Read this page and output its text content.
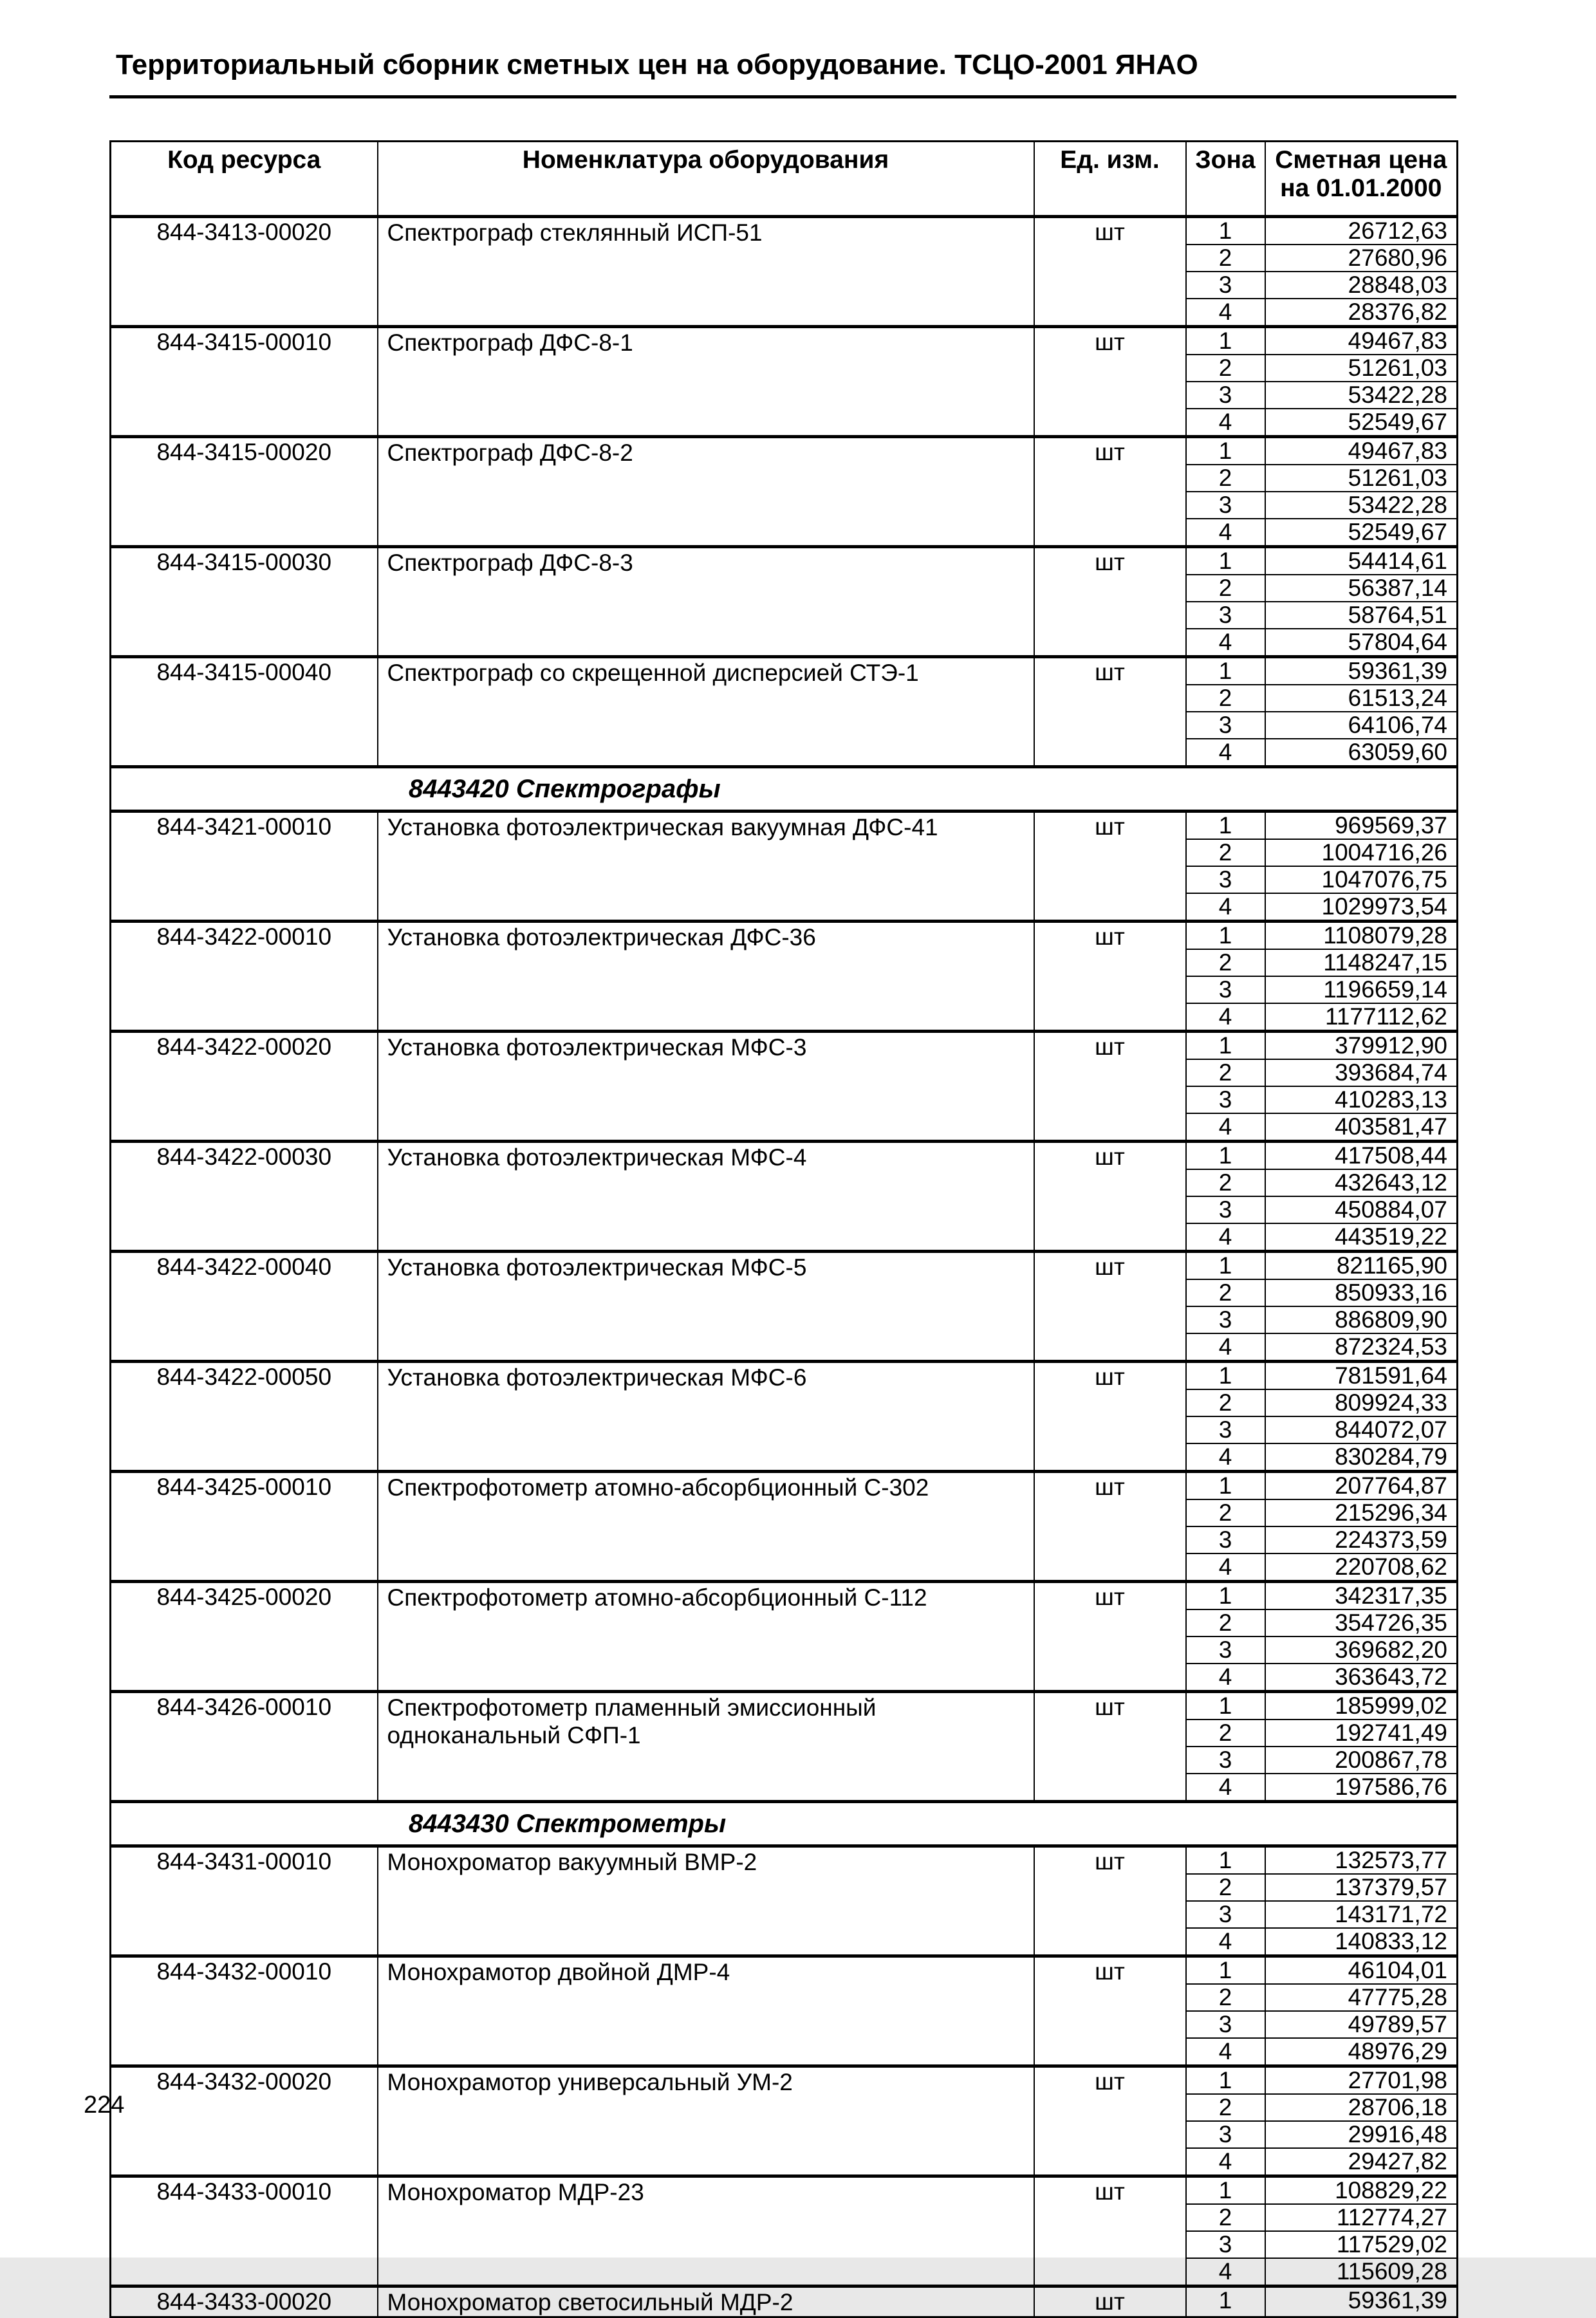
Территориальный сборник сметных цен на оборудование. ТСЦО-2001 ЯНАО
Код ресурса	Номенклатура оборудования	Ед. изм.	Зона	Сметная цена
на 01.01.2000

844-3413-00020	Спектрограф стеклянный ИСП-51	шт	1	26712,63
			2	27680,96
			3	28848,03
			4	28376,82
844-3415-00010	Спектрограф ДФС-8-1	шт	1	49467,83
			2	51261,03
			3	53422,28
			4	52549,67
844-3415-00020	Спектрограф ДФС-8-2	шт	1	49467,83
			2	51261,03
			3	53422,28
			4	52549,67
844-3415-00030	Спектрограф ДФС-8-3	шт	1	54414,61
			2	56387,14
			3	58764,51
			4	57804,64
844-3415-00040	Спектрограф со скрещенной дисперсией СТЭ-1	шт	1	59361,39
			2	61513,24
			3	64106,74
			4	63059,60
8443420 Спектрографы				
844-3421-00010	Установка фотоэлектрическая вакуумная ДФС-41	шт	1	969569,37
			2	1004716,26
			3	1047076,75
			4	1029973,54
844-3422-00010	Установка фотоэлектрическая ДФС-36	шт	1	1108079,28
			2	1148247,15
			3	1196659,14
			4	1177112,62
844-3422-00020	Установка фотоэлектрическая МФС-3	шт	1	379912,90
			2	393684,74
			3	410283,13
			4	403581,47
844-3422-00030	Установка фотоэлектрическая МФС-4	шт	1	417508,44
			2	432643,12
			3	450884,07
			4	443519,22
844-3422-00040	Установка фотоэлектрическая МФС-5	шт	1	821165,90
			2	850933,16
			3	886809,90
			4	872324,53
844-3422-00050	Установка фотоэлектрическая МФС-6	шт	1	781591,64
			2	809924,33
			3	844072,07
			4	830284,79
844-3425-00010	Спектрофотометр атомно-абсорбционный С-302	шт	1	207764,87
			2	215296,34
			3	224373,59
			4	220708,62
844-3425-00020	Спектрофотометр атомно-абсорбционный С-112	шт	1	342317,35
			2	354726,35
			3	369682,20
			4	363643,72
844-3426-00010	Спектрофотометр пламенный эмиссионный одноканальный СФП-1	шт	1	185999,02
			2	192741,49
			3	200867,78
			4	197586,76
8443430 Спектрометры				
844-3431-00010	Монохроматор вакуумный ВМР-2	шт	1	132573,77
			2	137379,57
			3	143171,72
			4	140833,12
844-3432-00010	Монохрамотор двойной ДМР-4	шт	1	46104,01
			2	47775,28
			3	49789,57
			4	48976,29
844-3432-00020	Монохрамотор универсальный УМ-2	шт	1	27701,98
			2	28706,18
			3	29916,48
			4	29427,82
844-3433-00010	Монохроматор МДР-23	шт	1	108829,22
			2	112774,27
			3	117529,02
			4	115609,28
844-3433-00020	Монохроматор светосильный МДР-2	шт	1	59361,39
224
